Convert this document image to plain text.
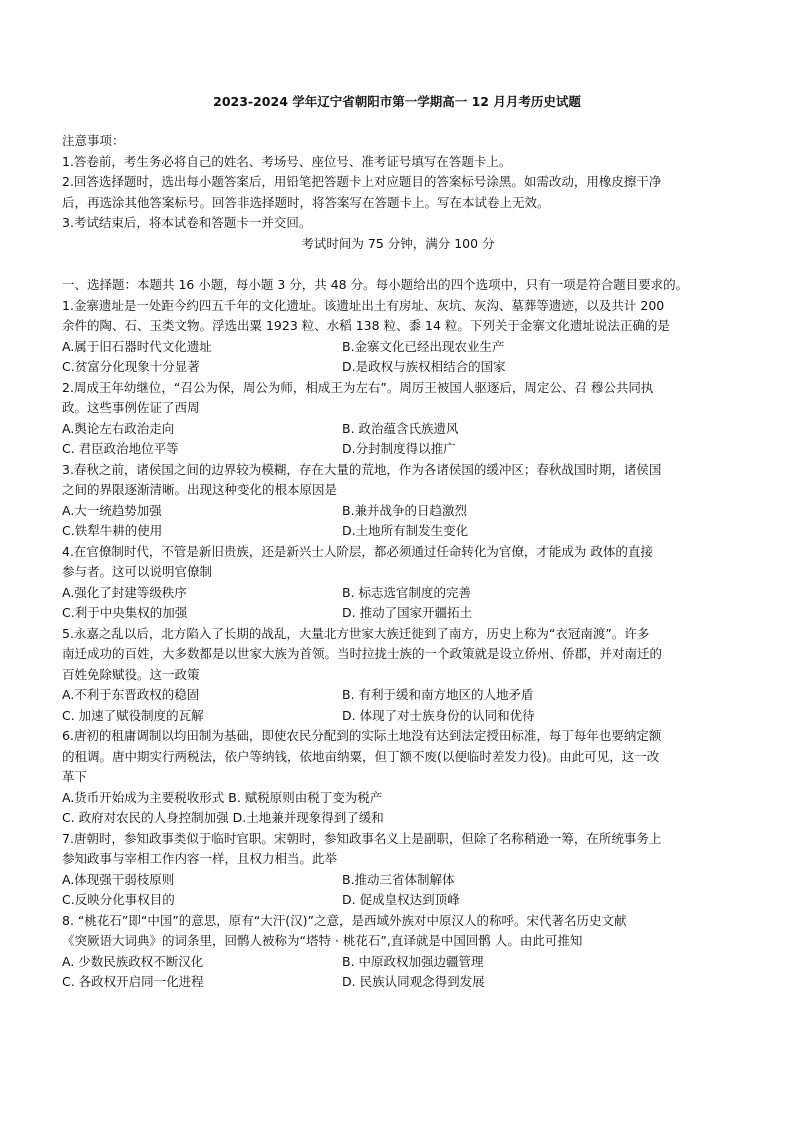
2023-2024 学年辽宁省朝阳市第一学期高一 12 月月考历史试题
注意事项：
1.答卷前，考生务必将自己的姓名、考场号、座位号、准考证号填写在答题卡上。
2.回答选择题时，选出每小题答案后，用铅笔把答题卡上对应题目的答案标号涂黑。如需改动，用橡皮擦干净
后，再选涂其他答案标号。回答非选择题时，将答案写在答题卡上。写在本试卷上无效。
3.考试结束后，将本试卷和答题卡一并交回。
考试时间为 75 分钟，满分 100 分
一、选择题：本题共 16 小题，每小题 3 分，共 48 分。每小题给出的四个选项中，只有一项是符合题目要求的。
1.金寨遗址是一处距今约四五千年的文化遗址。该遗址出土有房址、灰坑、灰沟、墓葬等遗迹，以及共计 200
余件的陶、石、玉类文物。浮选出粟 1923 粒、水稻 138 粒、黍 14 粒。下列关于金寨文化遗址说法正确的是
A.属于旧石器时代文化遗址	B.金寨文化已经出现农业生产
C.贫富分化现象十分显著	D.是政权与族权相结合的国家
2.周成王年幼继位，“召公为保，周公为师，相成王为左右”。周厉王被国人驱逐后，周定公、召 穆公共同执
政。这些事例佐证了西周
A.舆论左右政治走向	B. 政治蕴含氏族遗风
C. 君臣政治地位平等	D.分封制度得以推广
3.春秋之前，诸侯国之间的边界较为模糊，存在大量的荒地，作为各诸侯国的缓冲区；春秋战国时期，诸侯国
之间的界限逐渐清晰。出现这种变化的根本原因是
A.大一统趋势加强	B.兼并战争的日趋激烈
C.铁犁牛耕的使用	D.土地所有制发生变化
4.在官僚制时代，不管是新旧贵族，还是新兴士人阶层，都必须通过任命转化为官僚，才能成为 政体的直接
参与者。这可以说明官僚制
A.强化了封建等级秩序	B. 标志选官制度的完善
C.利于中央集权的加强	D. 推动了国家开疆拓土
5.永嘉之乱以后，北方陷入了长期的战乱，大量北方世家大族迁徙到了南方，历史上称为“衣冠南渡”。许多
南迁成功的百姓，大多数都是以世家大族为首领。当时拉拢士族的一个政策就是设立侨州、侨郡，并对南迁的
百姓免除赋役。这一政策
A.不利于东晋政权的稳固	B. 有利于缓和南方地区的人地矛盾
C. 加速了赋役制度的瓦解	D. 体现了对士族身份的认同和优待
6.唐初的租庸调制以均田制为基础，即使农民分配到的实际土地没有达到法定授田标准，每丁每年也要纳定额
的租调。唐中期实行两税法，依户等纳钱，依地亩纳粟，但丁额不废(以便临时差发力役)。由此可见，这一改
革下
A.货币开始成为主要税收形式 B. 赋税原则由税丁变为税产
C. 政府对农民的人身控制加强 D.土地兼并现象得到了缓和
7.唐朝时，参知政事类似于临时官职。宋朝时，参知政事名义上是副职，但除了名称稍逊一筹，在所统事务上
参知政事与宰相工作内容一样，且权力相当。此举
A.体现强干弱枝原则	B.推动三省体制解体
C.反映分化事权目的	D. 促成皇权达到顶峰
8. “桃花石”即“中国”的意思，原有“大汗(汉)”之意，是西域外族对中原汉人的称呼。宋代著名历史文献
《突厥语大词典》的词条里，回鹘人被称为“塔特 · 桃花石”,直译就是中国回鹘 人。由此可推知
A. 少数民族政权不断汉化	B. 中原政权加强边疆管理
C. 各政权开启同一化进程	D. 民族认同观念得到发展
